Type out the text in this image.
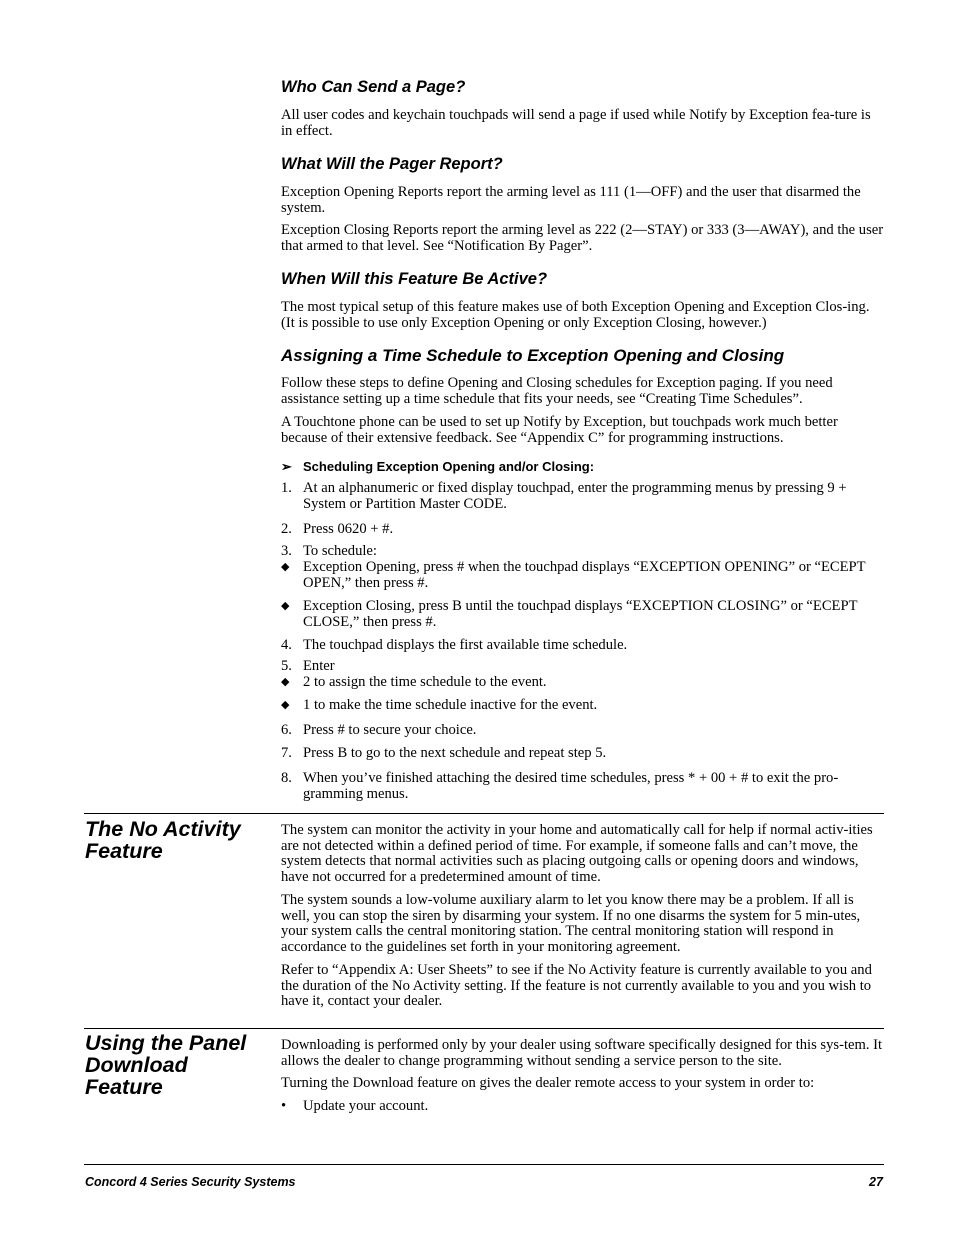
Who Can Send a Page?

All user codes and keychain touchpads will send a page if used while Notify by Exception fea-ture is in effect.

What Will the Pager Report?

Exception Opening Reports report the arming level as 111 (1—OFF) and the user that disarmed the system.

Exception Closing Reports report the arming level as 222 (2—STAY) or 333 (3—AWAY), and the user that armed to that level. See “Notification By Pager”.

When Will this Feature Be Active?

The most typical setup of this feature makes use of both Exception Opening and Exception Clos-ing. (It is possible to use only Exception Opening or only Exception Closing, however.)

Assigning a Time Schedule to Exception Opening and Closing

Follow these steps to define Opening and Closing schedules for Exception paging. If you need assistance setting up a time schedule that fits your needs, see “Creating Time Schedules”.

A Touchtone phone can be used to set up Notify by Exception, but touchpads work much better because of their extensive feedback. See “Appendix C” for programming instructions.

➢ Scheduling Exception Opening and/or Closing:
1. At an alphanumeric or fixed display touchpad, enter the programming menus by pressing 9 + System or Partition Master CODE.
2. Press 0620 + #.
3. To schedule:
◆ Exception Opening, press # when the touchpad displays “EXCEPTION OPENING” or “ECEPT OPEN,” then press #.
◆ Exception Closing, press B until the touchpad displays “EXCEPTION CLOSING” or “ECEPT CLOSE,” then press #.
4. The touchpad displays the first available time schedule.
5. Enter
◆ 2 to assign the time schedule to the event.
◆ 1 to make the time schedule inactive for the event.
6. Press # to secure your choice.
7. Press B to go to the next schedule and repeat step 5.
8. When you’ve finished attaching the desired time schedules, press * + 00 + # to exit the pro-gramming menus.
The No Activity Feature

The system can monitor the activity in your home and automatically call for help if normal activ-ities are not detected within a defined period of time. For example, if someone falls and can’t move, the system detects that normal activities such as placing outgoing calls or opening doors and windows, have not occurred for a predetermined amount of time.

The system sounds a low-volume auxiliary alarm to let you know there may be a problem. If all is well, you can stop the siren by disarming your system. If no one disarms the system for 5 min-utes, your system calls the central monitoring station. The central monitoring station will respond in accordance to the guidelines set forth in your monitoring agreement.

Refer to “Appendix A: User Sheets” to see if the No Activity feature is currently available to you and the duration of the No Activity setting. If the feature is not currently available to you and you wish to have it, contact your dealer.

Using the Panel Download Feature

Downloading is performed only by your dealer using software specifically designed for this sys-tem. It allows the dealer to change programming without sending a service person to the site.

Turning the Download feature on gives the dealer remote access to your system in order to:

•	Update your account.
Concord 4 Series Security Systems	27
